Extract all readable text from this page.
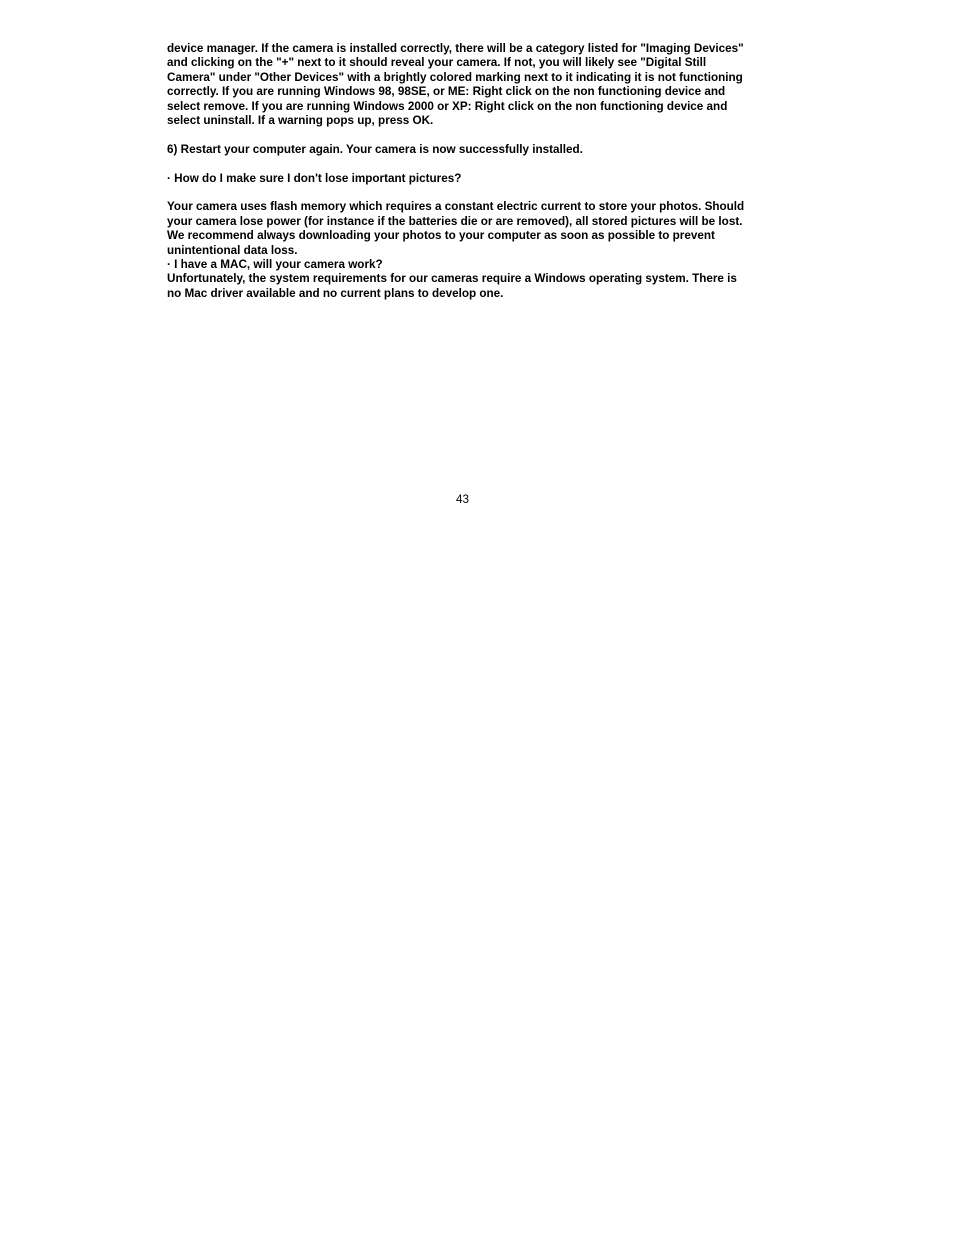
device manager. If the camera is installed correctly, there will be a category listed for "Imaging Devices"
and clicking on the "+" next to it should reveal your camera. If not, you will likely see "Digital Still
Camera" under "Other Devices" with a brightly colored marking next to it indicating it is not functioning
correctly. If you are running Windows 98, 98SE, or ME: Right click on the non functioning device and
select remove. If you are running Windows 2000 or XP: Right click on the non functioning device and
select uninstall. If a warning pops up, press OK.

6) Restart your computer again. Your camera is now successfully installed.

· How do I make sure I don't lose important pictures?

Your camera uses flash memory which requires a constant electric current to store your photos. Should
your camera lose power (for instance if the batteries die or are removed), all stored pictures will be lost.
We recommend always downloading your photos to your computer as soon as possible to prevent
unintentional data loss.
· I have a MAC, will your camera work?
Unfortunately, the system requirements for our cameras require a Windows operating system. There is
no Mac driver available and no current plans to develop one.

43
